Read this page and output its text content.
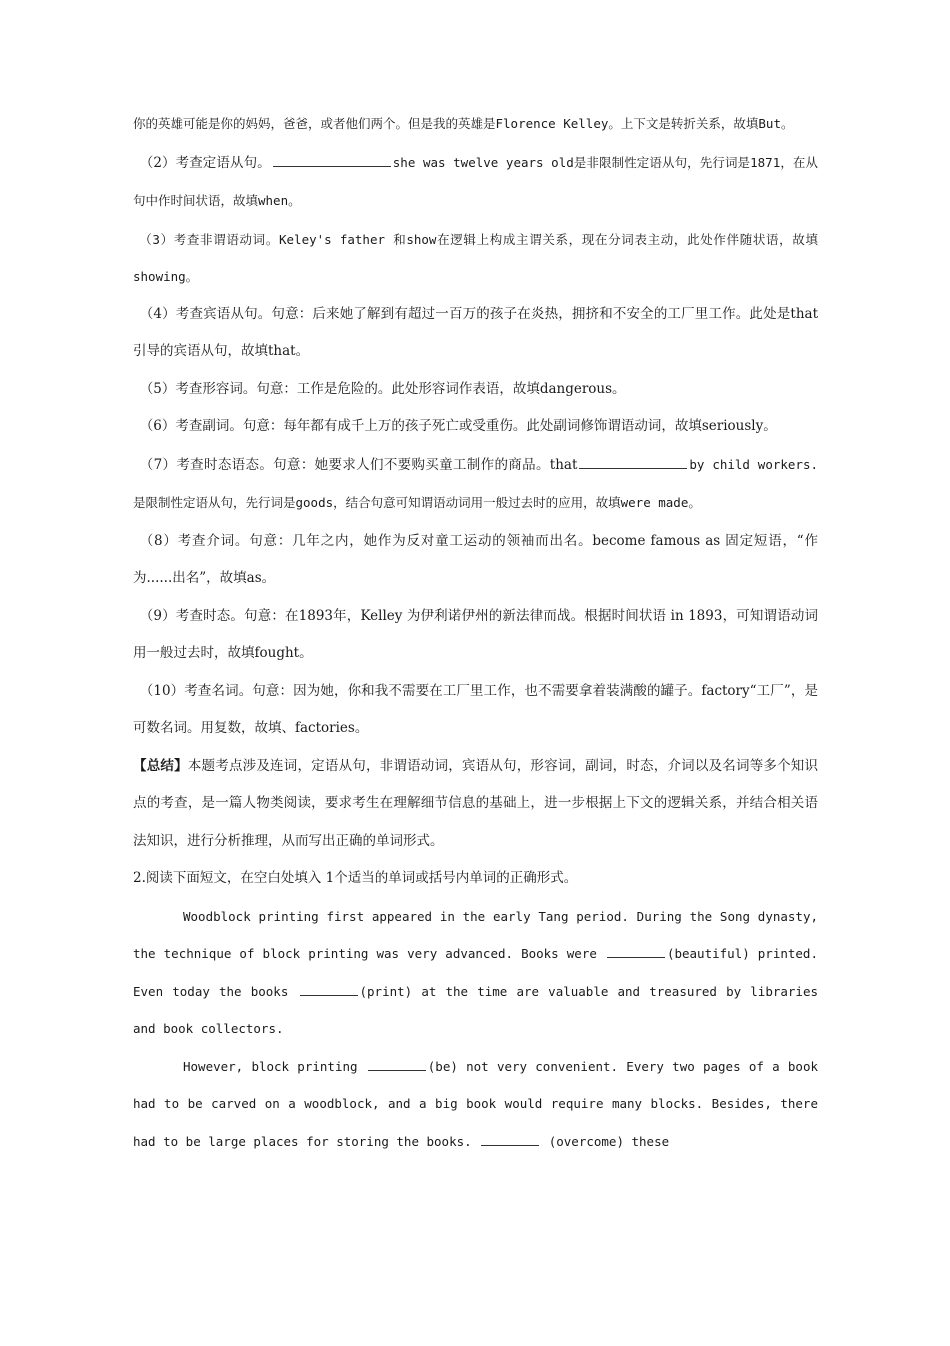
你的英雄可能是你的妈妈，爸爸，或者他们两个。但是我的英雄是Florence Kelley。上下文是转折关系，故填But。

（2）考查定语从句。	she was twelve years old是非限制性定语从句，先行词是1871，在从句中作时间状语，故填when。

（3）考查非谓语动词。Keley's father 和show在逻辑上构成主谓关系，现在分词表主动，此处作伴随状语，故填showing。

（4）考查宾语从句。句意：后来她了解到有超过一百万的孩子在炎热，拥挤和不安全的工厂里工作。此处是that引导的宾语从句，故填that。

（5）考查形容词。句意：工作是危险的。此处形容词作表语，故填dangerous。

（6）考查副词。句意：每年都有成千上万的孩子死亡或受重伤。此处副词修饰谓语动词，故填seriously。

（7）考查时态语态。句意：她要求人们不要购买童工制作的商品。that	by child workers.是限制性定语从句，先行词是goods，结合句意可知谓语动词用一般过去时的应用，故填were made。

（8）考查介词。句意：几年之内，她作为反对童工运动的领袖而出名。become famous as 固定短语，“作为......出名”，故填as。

（9）考查时态。句意：在1893年，Kelley 为伊利诺伊州的新法律而战。根据时间状语 in 1893，可知谓语动词用一般过去时，故填fought。

（10）考查名词。句意：因为她，你和我不需要在工厂里工作，也不需要拿着装满酸的罐子。factory“工厂”，是可数名词。用复数，故填、factories。

【总结】本题考点涉及连词，定语从句，非谓语动词，宾语从句，形容词，副词，时态，介词以及名词等多个知识点的考查，是一篇人物类阅读，要求考生在理解细节信息的基础上，进一步根据上下文的逻辑关系，并结合相关语法知识，进行分析推理，从而写出正确的单词形式。

2.阅读下面短文，在空白处填入 1个适当的单词或括号内单词的正确形式。

Woodblock printing first appeared in the early Tang period. During the Song dynasty, the technique of block printing was very advanced. Books were	(beautiful) printed. Even today the books	(print) at the time are valuable and treasured by libraries and book collectors.

However, block printing	(be) not very convenient. Every two pages of a book had to be carved on a woodblock, and a big book would require many blocks. Besides, there had to be large places for storing the books.	(overcome) these
